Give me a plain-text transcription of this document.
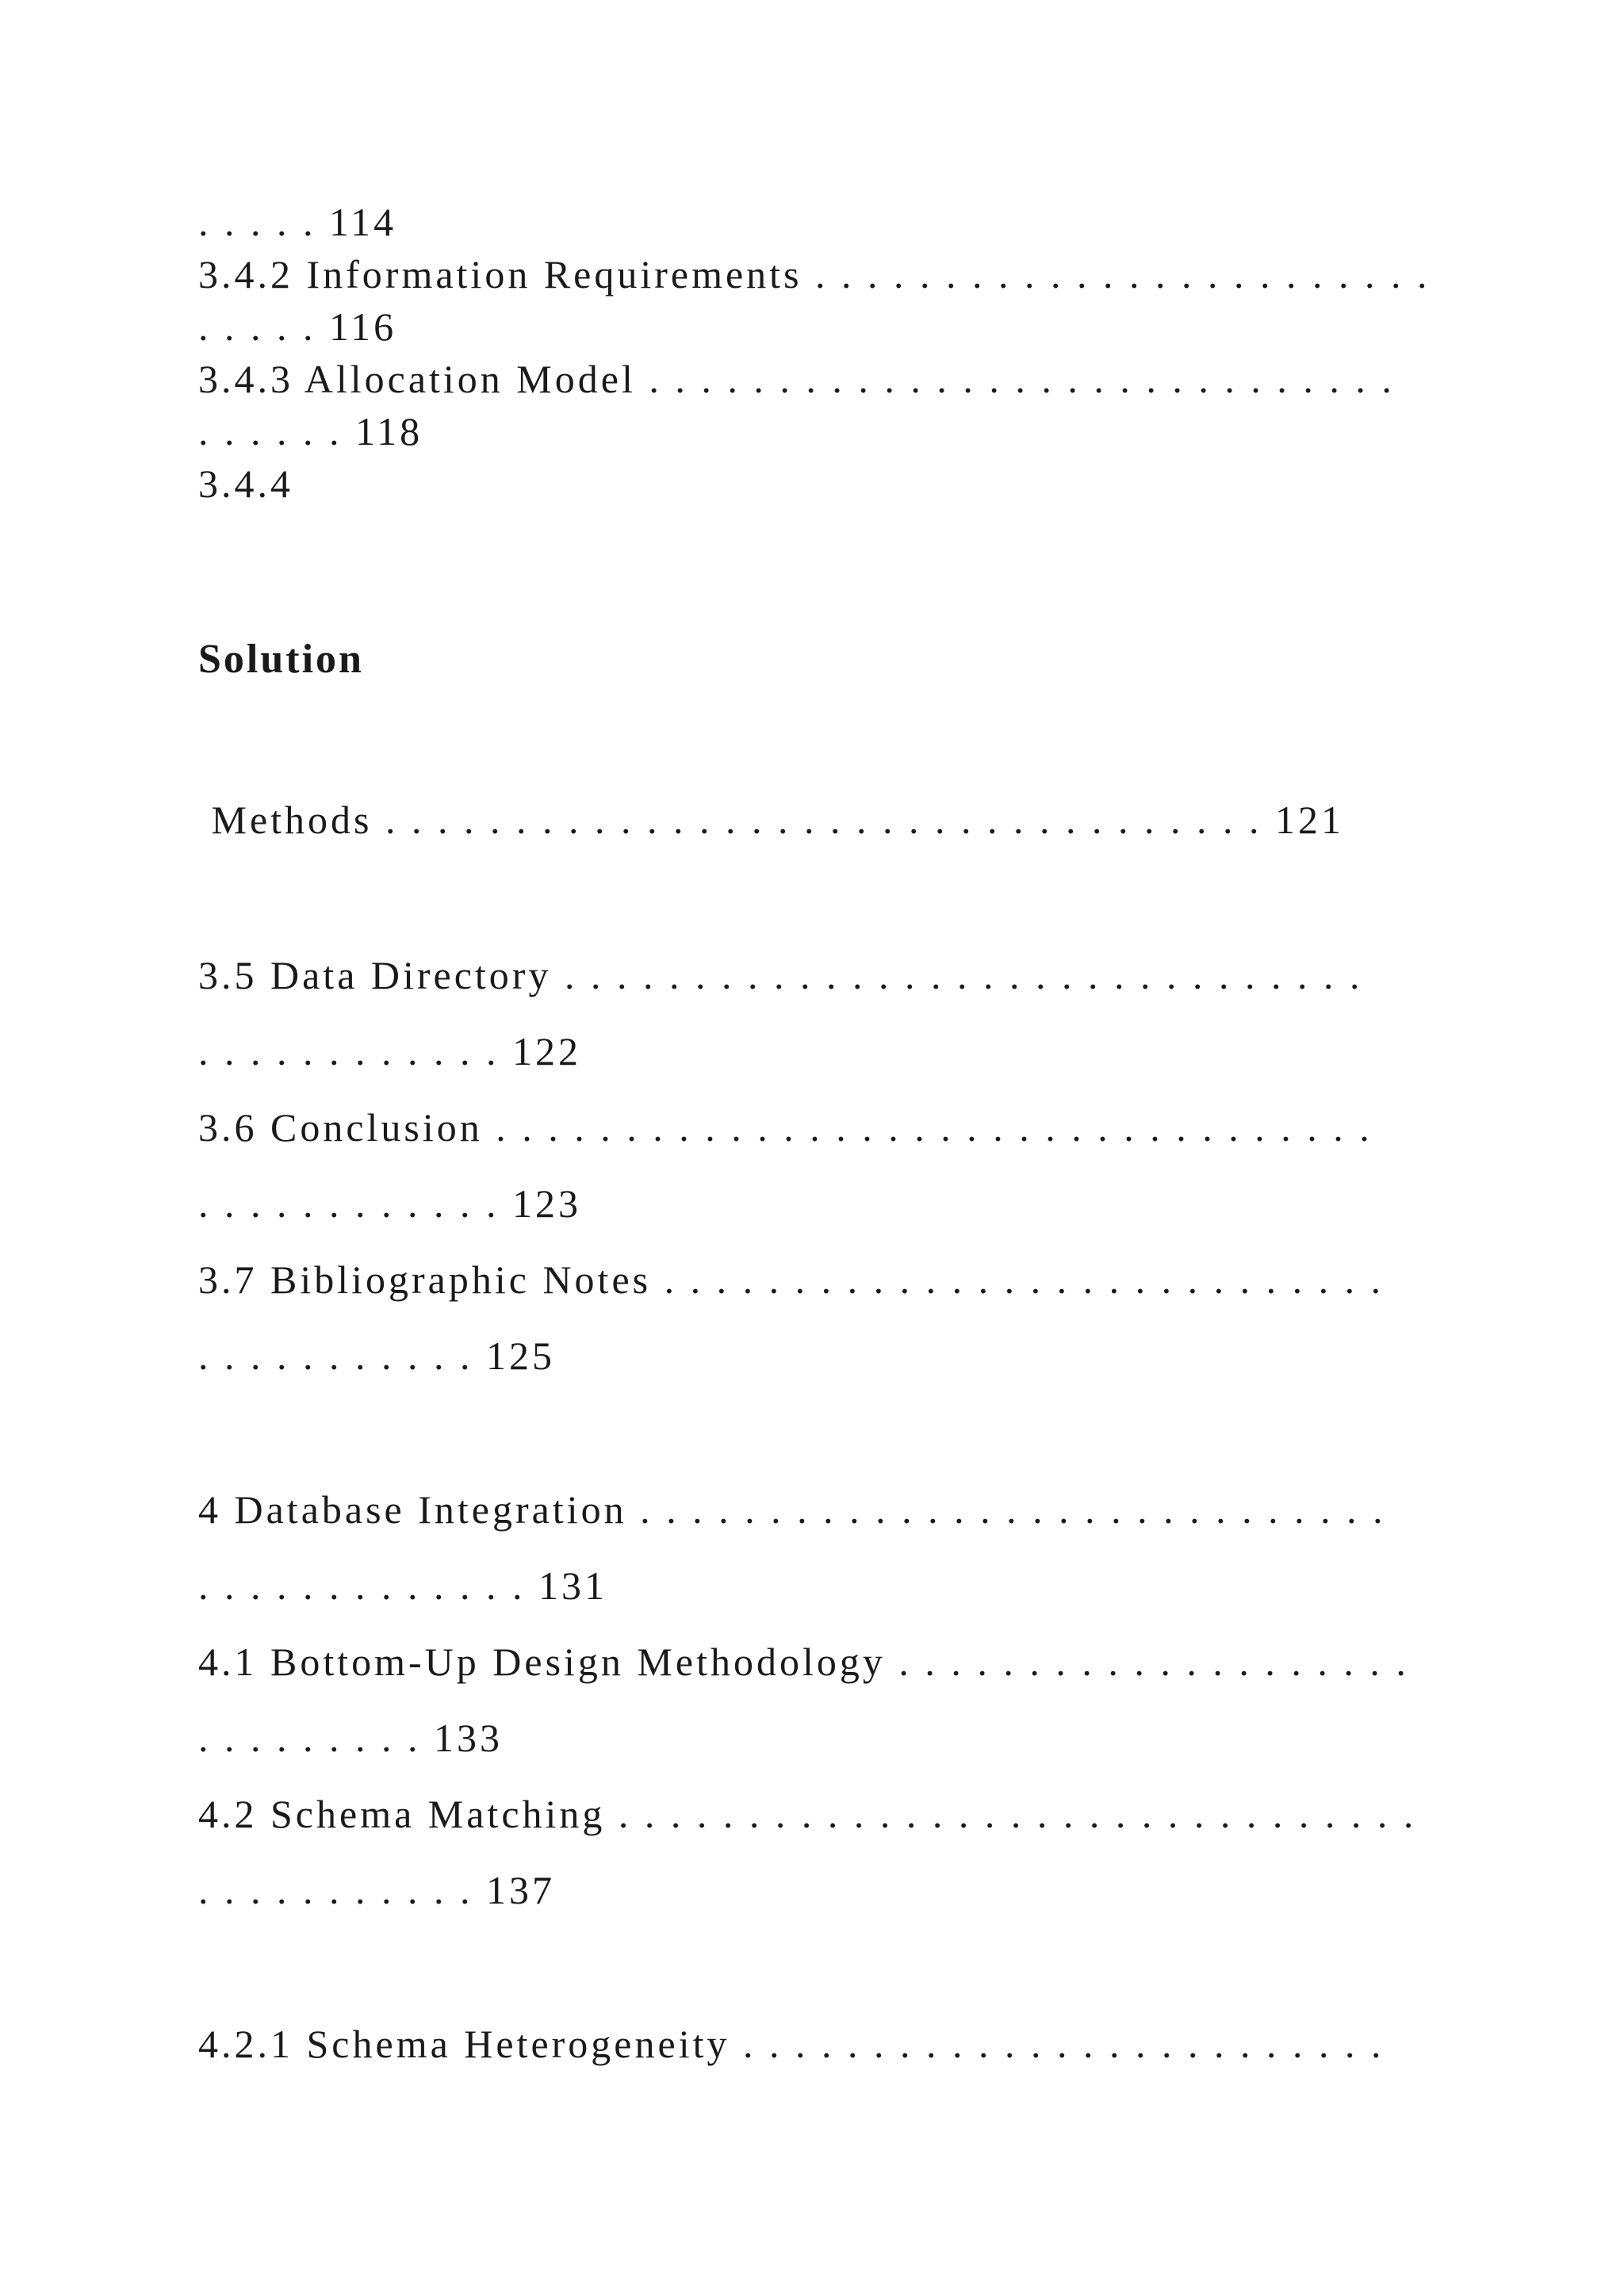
. . . . . 114
3.4.2 Information Requirements . . . . . . . . . . . . . . . . . . . . . . . .
. . . . . 116
3.4.3 Allocation Model . . . . . . . . . . . . . . . . . . . . . . . . . . . . .
. . . . . . 118
3.4.4
Solution
Methods . . . . . . . . . . . . . . . . . . . . . . . . . . . . . . . . . . 121
3.5 Data Directory . . . . . . . . . . . . . . . . . . . . . . . . . . . . . . .
. . . . . . . . . . . . 122
3.6 Conclusion . . . . . . . . . . . . . . . . . . . . . . . . . . . . . . . . . .
. . . . . . . . . . . . 123
3.7 Bibliographic Notes . . . . . . . . . . . . . . . . . . . . . . . . . . . .
. . . . . . . . . . . 125
4 Database Integration . . . . . . . . . . . . . . . . . . . . . . . . . . . . .
. . . . . . . . . . . . . 131
4.1 Bottom-Up Design Methodology . . . . . . . . . . . . . . . . . . . .
. . . . . . . . . 133
4.2 Schema Matching . . . . . . . . . . . . . . . . . . . . . . . . . . . . . . .
. . . . . . . . . . . 137
4.2.1 Schema Heterogeneity . . . . . . . . . . . . . . . . . . . . . . . . .
